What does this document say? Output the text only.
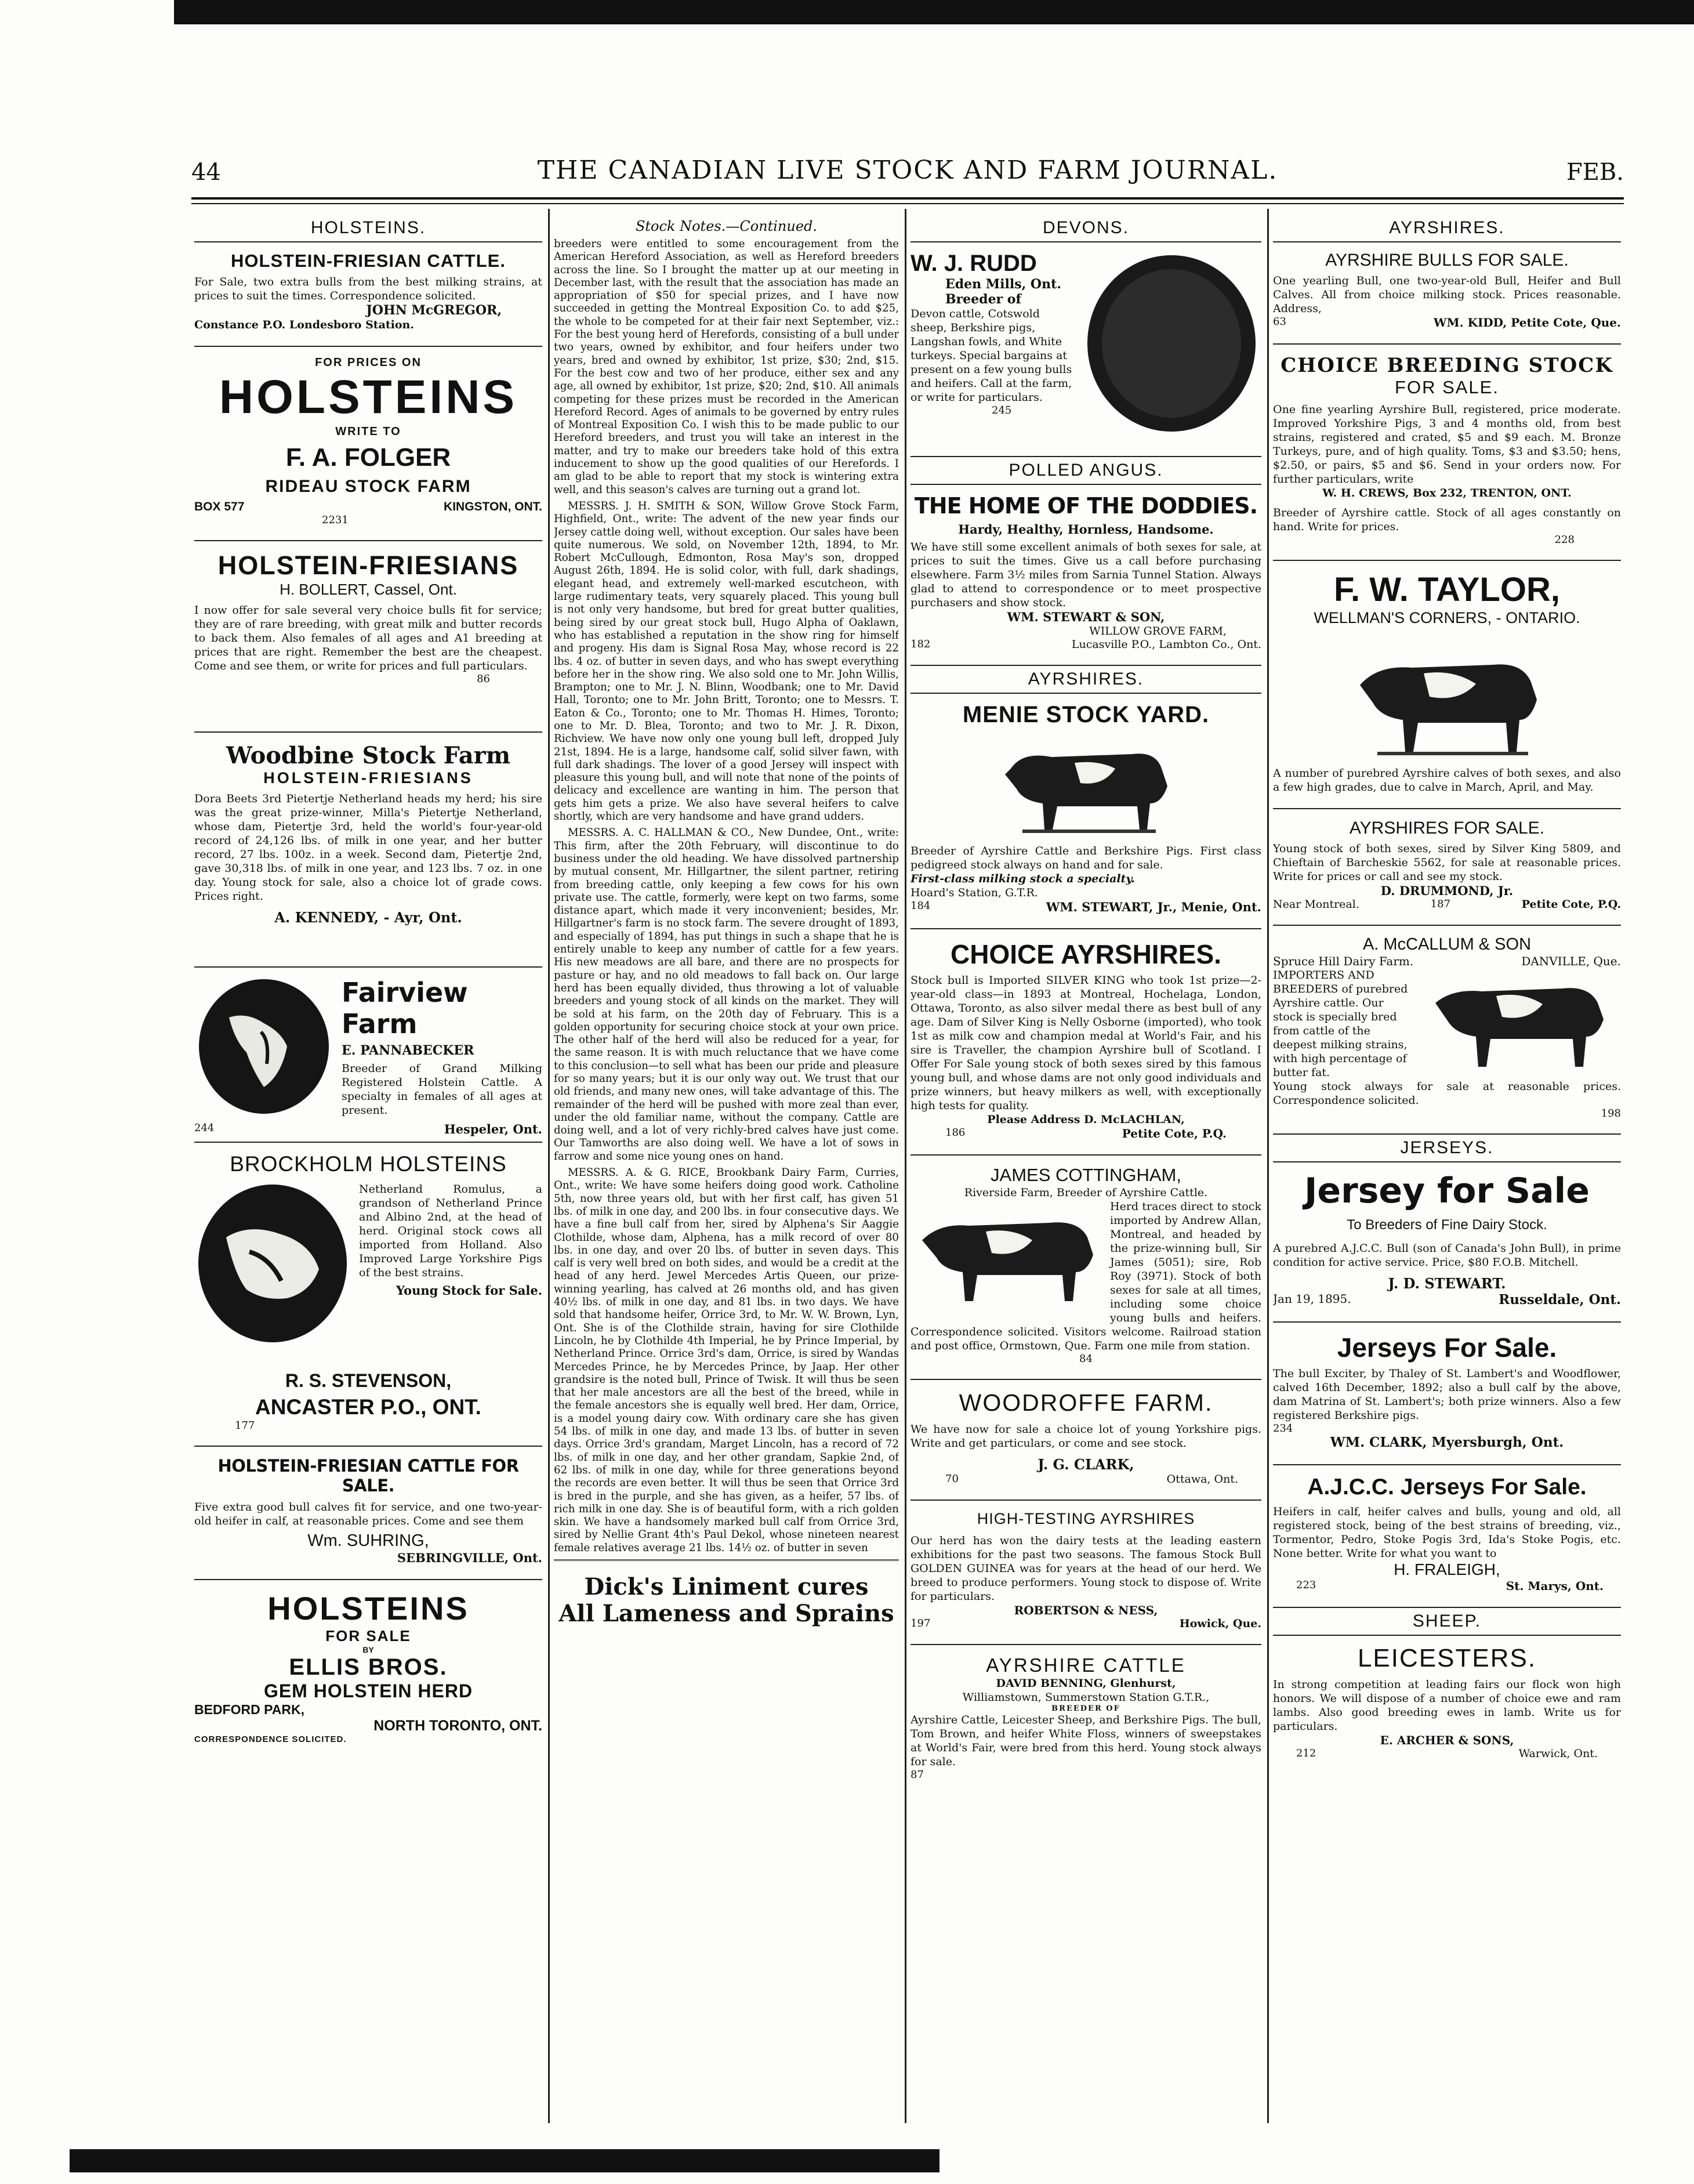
44	THE CANADIAN LIVE STOCK AND FARM JOURNAL.	FEB.
HOLSTEINS.
HOLSTEIN-FRIESIAN CATTLE.
For Sale, two extra bulls from the best milking strains, at prices to suit the times. Correspondence solicited.
JOHN McGREGOR,
Constance P.O. Londesboro Station.
FOR PRICES ON
HOLSTEINS
WRITE TO
F. A. FOLGER
RIDEAU STOCK FARM
BOX 577	KINGSTON, ONT.
2231
HOLSTEIN-FRIESIANS
H. BOLLERT, Cassel, Ont.
I now offer for sale several very choice bulls fit for service; they are of rare breeding, with great milk and butter records to back them. Also females of all ages and A1 breeding at prices that are right. Remember the best are the cheapest. Come and see them, or write for prices and full particulars.
86
Woodbine Stock Farm
HOLSTEIN-FRIESIANS
Dora Beets 3rd Pietertje Netherland heads my herd; his sire was the great prize-winner, Milla's Pietertje Netherland, whose dam, Pietertje 3rd, held the world's four-year-old record of 24,126 lbs. of milk in one year, and her butter record, 27 lbs. 100z. in a week. Second dam, Pietertje 2nd, gave 30,318 lbs. of milk in one year, and 123 lbs. 7 oz. in one day. Young stock for sale, also a choice lot of grade cows. Prices right.
A. KENNEDY, - Ayr, Ont.
Fairview Farm
E. PANNABECKER
Breeder of Grand Milking Registered Holstein Cattle. A specialty in females of all ages at present.
244	Hespeler, Ont.
BROCKHOLM HOLSTEINS
Netherland Romulus, a grandson of Netherland Prince and Albino 2nd, at the head of herd. Original stock cows all imported from Holland. Also Improved Large Yorkshire Pigs of the best strains.
Young Stock for Sale.
R. S. STEVENSON,
ANCASTER P.O., ONT.
177
HOLSTEIN-FRIESIAN CATTLE FOR SALE.
Five extra good bull calves fit for service, and one two-year-old heifer in calf, at reasonable prices. Come and see them
Wm. SUHRING,
SEBRINGVILLE, Ont.
HOLSTEINS
FOR SALE
BY
ELLIS BROS.
GEM HOLSTEIN HERD
BEDFORD PARK,
NORTH TORONTO, ONT.
CORRESPONDENCE SOLICITED.
Stock Notes.—Continued.

breeders were entitled to some encouragement from the American Hereford Association, as well as Hereford breeders across the line. So I brought the matter up at our meeting in December last, with the result that the association has made an appropriation of $50 for special prizes, and I have now succeeded in getting the Montreal Exposition Co. to add $25, the whole to be competed for at their fair next September, viz.: For the best young herd of Herefords, consisting of a bull under two years, owned by exhibitor, and four heifers under two years, bred and owned by exhibitor, 1st prize, $30; 2nd, $15. For the best cow and two of her produce, either sex and any age, all owned by exhibitor, 1st prize, $20; 2nd, $10. All animals competing for these prizes must be recorded in the American Hereford Record. Ages of animals to be governed by entry rules of Montreal Exposition Co. I wish this to be made public to our Hereford breeders, and trust you will take an interest in the matter, and try to make our breeders take hold of this extra inducement to show up the good qualities of our Herefords. I am glad to be able to report that my stock is wintering extra well, and this season's calves are turning out a grand lot.

MESSRS. J. H. SMITH & SON, Willow Grove Stock Farm, Highfield, Ont., write: The advent of the new year finds our Jersey cattle doing well, without exception. Our sales have been quite numerous. We sold, on November 12th, 1894, to Mr. Robert McCullough, Edmonton, Rosa May's son, dropped August 26th, 1894. He is solid color, with full, dark shadings, elegant head, and extremely well-marked escutcheon, with large rudimentary teats, very squarely placed. This young bull is not only very handsome, but bred for great butter qualities, being sired by our great stock bull, Hugo Alpha of Oaklawn, who has established a reputation in the show ring for himself and progeny. His dam is Signal Rosa May, whose record is 22 lbs. 4 oz. of butter in seven days, and who has swept everything before her in the show ring. We also sold one to Mr. John Willis, Brampton; one to Mr. J. N. Blinn, Woodbank; one to Mr. David Hall, Toronto; one to Mr. John Britt, Toronto; one to Messrs. T. Eaton & Co., Toronto; one to Mr. Thomas H. Himes, Toronto; one to Mr. D. Blea, Toronto; and two to Mr. J. R. Dixon, Richview. We have now only one young bull left, dropped July 21st, 1894. He is a large, handsome calf, solid silver fawn, with full dark shadings. The lover of a good Jersey will inspect with pleasure this young bull, and will note that none of the points of delicacy and excellence are wanting in him. The person that gets him gets a prize. We also have several heifers to calve shortly, which are very handsome and have grand udders.

MESSRS. A. C. HALLMAN & CO., New Dundee, Ont., write: This firm, after the 20th February, will discontinue to do business under the old heading. We have dissolved partnership by mutual consent, Mr. Hillgartner, the silent partner, retiring from breeding cattle, only keeping a few cows for his own private use. The cattle, formerly, were kept on two farms, some distance apart, which made it very inconvenient; besides, Mr. Hillgartner's farm is no stock farm. The severe drought of 1893, and especially of 1894, has put things in such a shape that he is entirely unable to keep any number of cattle for a few years. His new meadows are all bare, and there are no prospects for pasture or hay, and no old meadows to fall back on. Our large herd has been equally divided, thus throwing a lot of valuable breeders and young stock of all kinds on the market. They will be sold at his farm, on the 20th day of February. This is a golden opportunity for securing choice stock at your own price. The other half of the herd will also be reduced for a year, for the same reason. It is with much reluctance that we have come to this conclusion—to sell what has been our pride and pleasure for so many years; but it is our only way out. We trust that our old friends, and many new ones, will take advantage of this. The remainder of the herd will be pushed with more zeal than ever, under the old familiar name, without the company. Cattle are doing well, and a lot of very richly-bred calves have just come. Our Tamworths are also doing well. We have a lot of sows in farrow and some nice young ones on hand.

MESSRS. A. & G. RICE, Brookbank Dairy Farm, Curries, Ont., write: We have some heifers doing good work. Catholine 5th, now three years old, but with her first calf, has given 51 lbs. of milk in one day, and 200 lbs. in four consecutive days. We have a fine bull calf from her, sired by Alphena's Sir Aaggie Clothilde, whose dam, Alphena, has a milk record of over 80 lbs. in one day, and over 20 lbs. of butter in seven days. This calf is very well bred on both sides, and would be a credit at the head of any herd. Jewel Mercedes Artis Queen, our prize-winning yearling, has calved at 26 months old, and has given 40½ lbs. of milk in one day, and 81 lbs. in two days. We have sold that handsome heifer, Orrice 3rd, to Mr. W. W. Brown, Lyn, Ont. She is of the Clothilde strain, having for sire Clothilde Lincoln, he by Clothilde 4th Imperial, he by Prince Imperial, by Netherland Prince. Orrice 3rd's dam, Orrice, is sired by Wandas Mercedes Prince, he by Mercedes Prince, by Jaap. Her other grandsire is the noted bull, Prince of Twisk. It will thus be seen that her male ancestors are all the best of the breed, while in the female ancestors she is equally well bred. Her dam, Orrice, is a model young dairy cow. With ordinary care she has given 54 lbs. of milk in one day, and made 13 lbs. of butter in seven days. Orrice 3rd's grandam, Marget Lincoln, has a record of 72 lbs. of milk in one day, and her other grandam, Sapkie 2nd, of 62 lbs. of milk in one day, while for three generations beyond the records are even better. It will thus be seen that Orrice 3rd is bred in the purple, and she has given, as a heifer, 57 lbs. of rich milk in one day. She is of beautiful form, with a rich golden skin. We have a handsomely marked bull calf from Orrice 3rd, sired by Nellie Grant 4th's Paul Dekol, whose nineteen nearest female relatives average 21 lbs. 14½ oz. of butter in seven

Dick's Liniment cures
All Lameness and Sprains
DEVONS.
W. J. RUDD
Eden Mills, Ont.
Breeder of
Devon cattle, Cotswold sheep, Berkshire pigs, Langshan fowls, and White turkeys. Special bargains at present on a few young bulls and heifers. Call at the farm, or write for particulars.
245
POLLED ANGUS.
THE HOME OF THE DODDIES.
Hardy, Healthy, Hornless, Handsome.
We have still some excellent animals of both sexes for sale, at prices to suit the times. Give us a call before purchasing elsewhere. Farm 3½ miles from Sarnia Tunnel Station. Always glad to attend to correspondence or to meet prospective purchasers and show stock.
WM. STEWART & SON,
WILLOW GROVE FARM,
182	Lucasville P.O., Lambton Co., Ont.
AYRSHIRES.
MENIE STOCK YARD.
Breeder of Ayrshire Cattle and Berkshire Pigs. First class pedigreed stock always on hand and for sale.
First-class milking stock a specialty.
Hoard's Station, G.T.R.
184	WM. STEWART, Jr., Menie, Ont.
CHOICE AYRSHIRES.
Stock bull is Imported SILVER KING who took 1st prize—2-year-old class—in 1893 at Montreal, Hochelaga, London, Ottawa, Toronto, as also silver medal there as best bull of any age. Dam of Silver King is Nelly Osborne (imported), who took 1st as milk cow and champion medal at World's Fair, and his sire is Traveller, the champion Ayrshire bull of Scotland. I Offer For Sale young stock of both sexes sired by this famous young bull, and whose dams are not only good individuals and prize winners, but heavy milkers as well, with exceptionally high tests for quality.
Please Address D. McLACHLAN,
186	Petite Cote, P.Q.
JAMES COTTINGHAM,
Riverside Farm, Breeder of Ayrshire Cattle.
Herd traces direct to stock imported by Andrew Allan, Montreal, and headed by the prize-winning bull, Sir James (5051); sire, Rob Roy (3971). Stock of both sexes for sale at all times, including some choice young bulls and heifers. Correspondence solicited. Visitors welcome. Railroad station and post office, Ormstown, Que. Farm one mile from station.
84
WOODROFFE FARM.
We have now for sale a choice lot of young Yorkshire pigs. Write and get particulars, or come and see stock.
J. G. CLARK,
70	Ottawa, Ont.
HIGH-TESTING AYRSHIRES
Our herd has won the dairy tests at the leading eastern exhibitions for the past two seasons. The famous Stock Bull GOLDEN GUINEA was for years at the head of our herd. We breed to produce performers. Young stock to dispose of. Write for particulars.
ROBERTSON & NESS,
197	Howick, Que.
AYRSHIRE CATTLE
DAVID BENNING, Glenhurst,
Williamstown, Summerstown Station G.T.R.,
BREEDER OF
Ayrshire Cattle, Leicester Sheep, and Berkshire Pigs. The bull, Tom Brown, and heifer White Floss, winners of sweepstakes at World's Fair, were bred from this herd. Young stock always for sale.
87
AYRSHIRES.
AYRSHIRE BULLS FOR SALE.
One yearling Bull, one two-year-old Bull, Heifer and Bull Calves. All from choice milking stock. Prices reasonable. Address,
63	WM. KIDD, Petite Cote, Que.
CHOICE BREEDING STOCK
FOR SALE.
One fine yearling Ayrshire Bull, registered, price moderate. Improved Yorkshire Pigs, 3 and 4 months old, from best strains, registered and crated, $5 and $9 each. M. Bronze Turkeys, pure, and of high quality. Toms, $3 and $3.50; hens, $2.50, or pairs, $5 and $6. Send in your orders now. For further particulars, write
W. H. CREWS, Box 232, TRENTON, ONT.
Breeder of Ayrshire cattle. Stock of all ages constantly on hand. Write for prices.
228
F. W. TAYLOR,
WELLMAN'S CORNERS, - ONTARIO.
A number of purebred Ayrshire calves of both sexes, and also a few high grades, due to calve in March, April, and May.
AYRSHIRES FOR SALE.
Young stock of both sexes, sired by Silver King 5809, and Chieftain of Barcheskie 5562, for sale at reasonable prices. Write for prices or call and see my stock.
D. DRUMMOND, Jr.
Near Montreal.	187	Petite Cote, P.Q.
A. McCALLUM & SON
Spruce Hill Dairy Farm.	DANVILLE, Que.
IMPORTERS AND BREEDERS of purebred Ayrshire cattle. Our stock is specially bred from cattle of the deepest milking strains, with high percentage of butter fat.
Young stock always for sale at reasonable prices. Correspondence solicited.
198
JERSEYS.
Jersey for Sale
To Breeders of Fine Dairy Stock.
A purebred A.J.C.C. Bull (son of Canada's John Bull), in prime condition for active service. Price, $80 F.O.B. Mitchell.
J. D. STEWART.
Jan 19, 1895.	Russeldale, Ont.
Jerseys For Sale.
The bull Exciter, by Thaley of St. Lambert's and Woodflower, calved 16th December, 1892; also a bull calf by the above, dam Matrina of St. Lambert's; both prize winners. Also a few registered Berkshire pigs.
234
WM. CLARK, Myersburgh, Ont.
A.J.C.C. Jerseys For Sale.
Heifers in calf, heifer calves and bulls, young and old, all registered stock, being of the best strains of breeding, viz., Tormentor, Pedro, Stoke Pogis 3rd, Ida's Stoke Pogis, etc. None better. Write for what you want to
H. FRALEIGH,
223	St. Marys, Ont.
SHEEP.
LEICESTERS.
In strong competition at leading fairs our flock won high honors. We will dispose of a number of choice ewe and ram lambs. Also good breeding ewes in lamb. Write us for particulars.
E. ARCHER & SONS,
212	Warwick, Ont.
